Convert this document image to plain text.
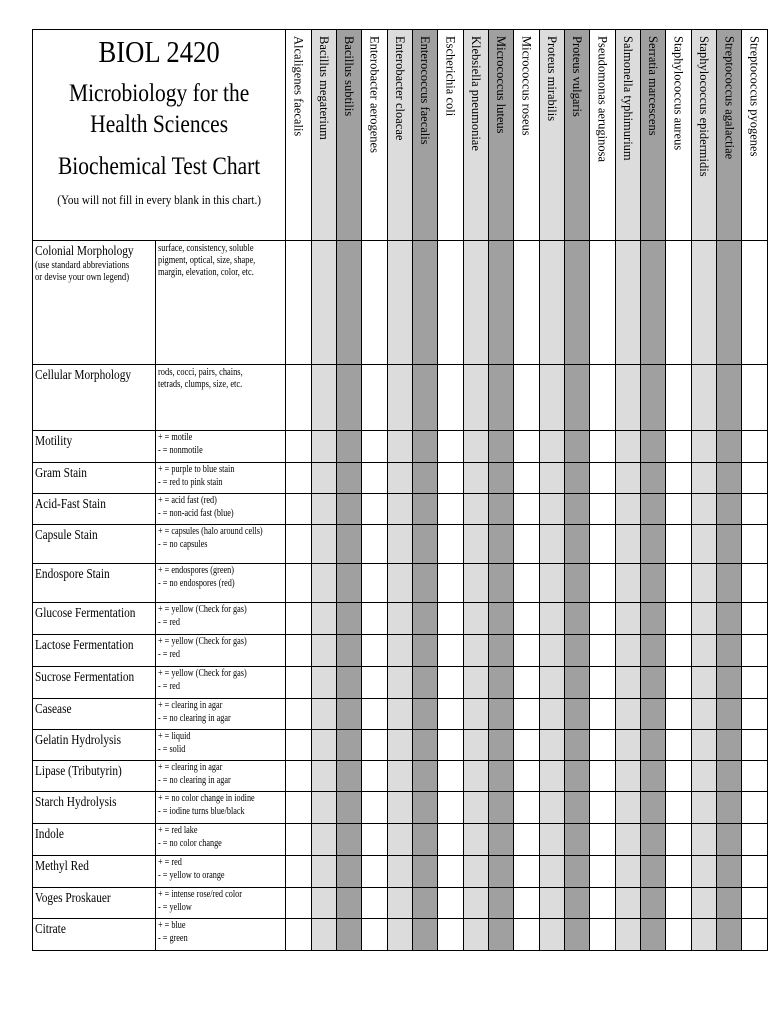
BIOL 2420
Microbiology for the
Health Sciences
Biochemical Test Chart
(You will not fill in every blank in this chart.)		Alcaligenes faecalis	Bacillus megaterium	Bacillus subtilis	Enterobacter aerogenes	Enterobacter cloacae	Enterococcus faecalis	Escherichia coli	Klebsiella pneumoniae	Micrococcus luteus	Micrococcus roseus	Proteus mirabilis	Proteus vulgaris	Pseudomonas aeruginosa	Salmonella typhimurium	Serratia marcescens	Staphylococcus aureus	Staphylococcus epidermidis	Streptococcus agalactiae	Streptococcus pyogenes

Colonial Morphology(use standard abbreviations or devise your own legend)	surface, consistency, soluble pigment, optical, size, shape, margin, elevation, color, etc.																			

Cellular Morphology	rods, cocci, pairs, chains, tetrads, clumps, size, etc.																			

Motility	+ = motile
- = nonmotile																			

Gram Stain	+ = purple to blue stain
- = red to pink stain																			

Acid-Fast Stain	+ = acid fast (red)
- = non-acid fast (blue)																			

Capsule Stain	+ = capsules (halo around cells)
- = no capsules																			

Endospore Stain	+ = endospores (green)
- = no endospores (red)																			

Glucose Fermentation	+ = yellow (Check for gas)
- = red																			

Lactose Fermentation	+ = yellow (Check for gas)
- = red																			

Sucrose Fermentation	+ = yellow (Check for gas)
- = red																			

Casease	+ = clearing in agar
- = no clearing in agar																			

Gelatin Hydrolysis	+ = liquid
- = solid																			

Lipase (Tributyrin)	+ = clearing in agar
- = no clearing in agar																			

Starch Hydrolysis	+ = no color change in iodine
- = iodine turns blue/black																			

Indole	+ = red lake
- = no color change																			

Methyl Red	+ = red
- = yellow to orange																			

Voges Proskauer	+ = intense rose/red color
- = yellow																			

Citrate	+ = blue
- = green																			
